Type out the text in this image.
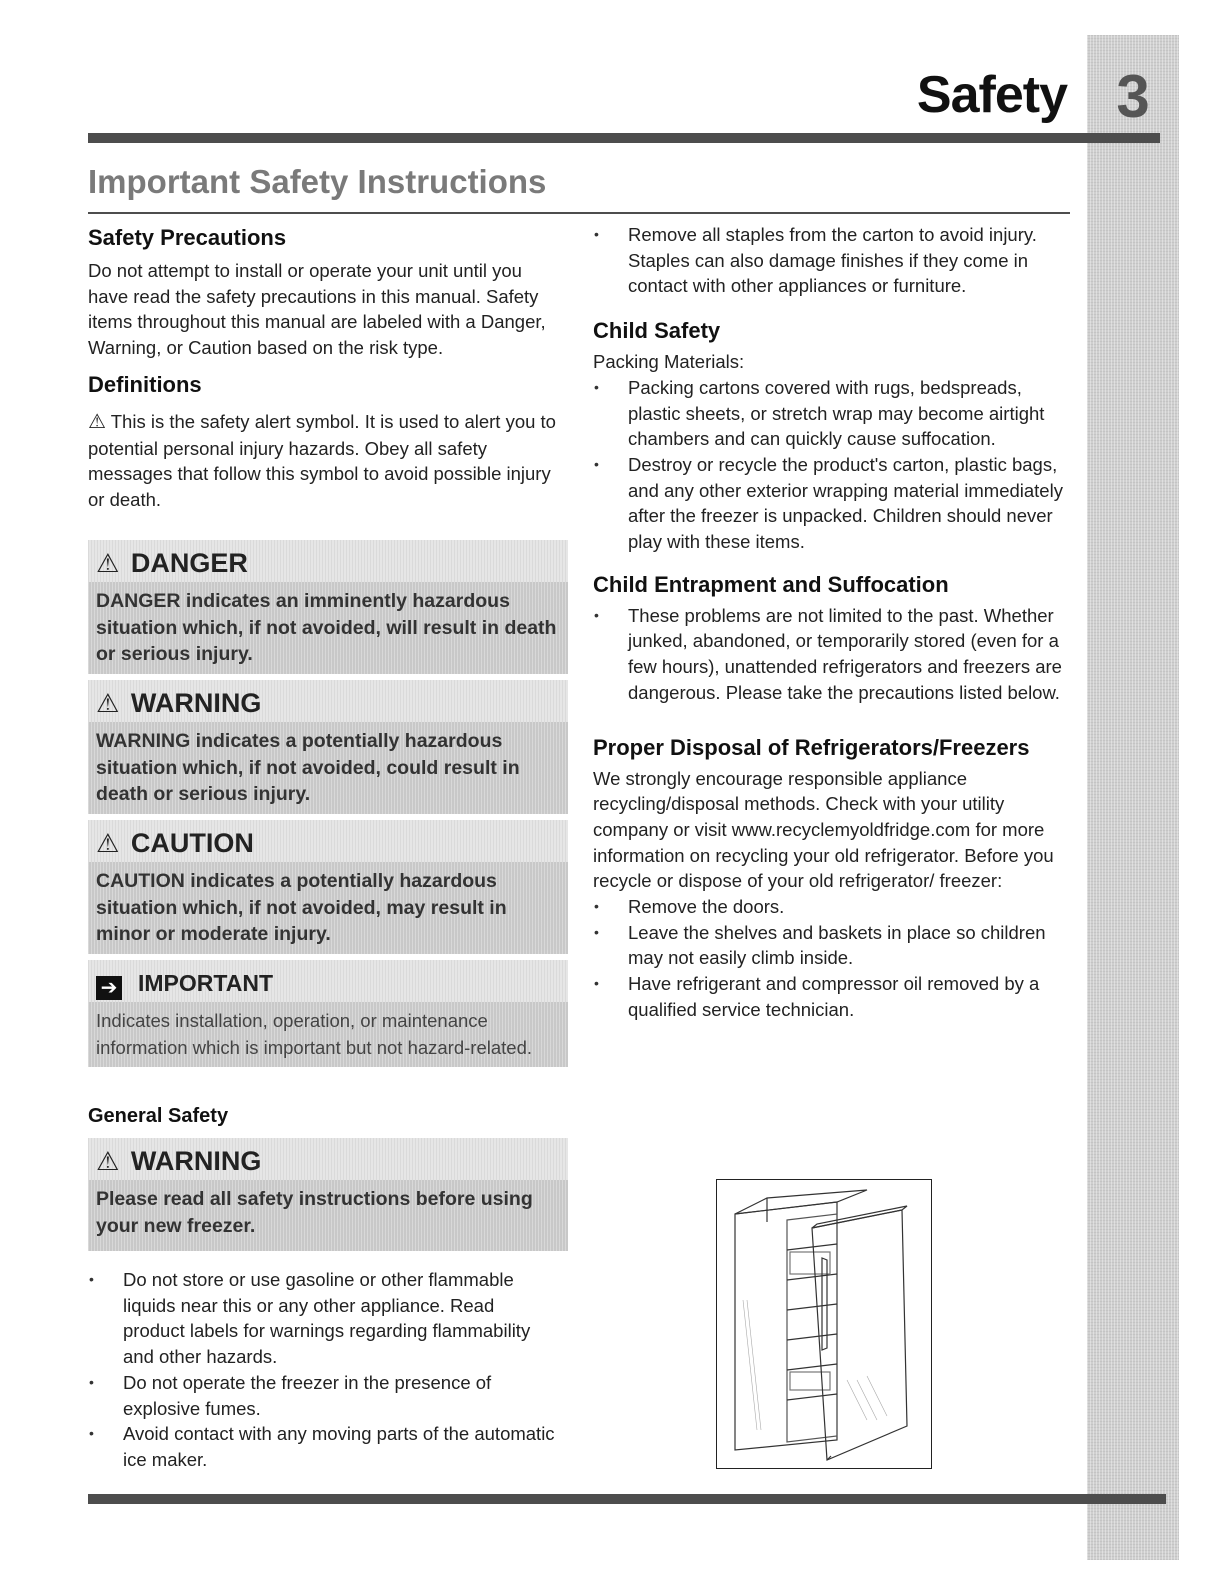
3
Safety
Important Safety Instructions
Safety Precautions

Do not attempt to install or operate your unit until you have read the safety precautions in this manual. Safety items throughout this manual are labeled with a Danger, Warning, or Caution based on the risk type.

Definitions

⚠ This is the safety alert symbol. It is used to alert you to potential personal injury hazards. Obey all safety messages that follow this symbol to avoid possible injury or death.

⚠ DANGER
DANGER indicates an imminently hazardous situation which, if not avoided, will result in death or serious injury.
⚠ WARNING
WARNING indicates a potentially hazardous situation which, if not avoided, could result in death or serious injury.
⚠ CAUTION
CAUTION indicates a potentially hazardous situation which, if not avoided, may result in minor or moderate injury.
➔ IMPORTANT
Indicates installation, operation, or maintenance information which is important but not hazard-related.
General Safety
⚠ WARNING
Please read all safety instructions before using your new freezer.
• Do not store or use gasoline or other flammable liquids near this or any other appliance. Read product labels for warnings regarding flammability and other hazards.
• Do not operate the freezer in the presence of explosive fumes.
• Avoid contact with any moving parts of the automatic ice maker.
• Remove all staples from the carton to avoid injury. Staples can also damage finishes if they come in contact with other appliances or furniture.
Child Safety

Packing Materials:

• Packing cartons covered with rugs, bedspreads, plastic sheets, or stretch wrap may become airtight chambers and can quickly cause suffocation.
• Destroy or recycle the product's carton, plastic bags, and any other exterior wrapping material immediately after the freezer is unpacked. Children should never play with these items.
Child Entrapment and Suffocation
• These problems are not limited to the past. Whether junked, abandoned, or temporarily stored (even for a few hours), unattended refrigerators and freezers are dangerous. Please take the precautions listed below.
Proper Disposal of Refrigerators/Freezers

We strongly encourage responsible appliance recycling/disposal methods. Check with your utility company or visit www.recyclemyoldfridge.com for more information on recycling your old refrigerator. Before you recycle or dispose of your old refrigerator/ freezer:

• Remove the doors.
• Leave the shelves and baskets in place so children may not easily climb inside.
• Have refrigerant and compressor oil removed by a qualified service technician.
